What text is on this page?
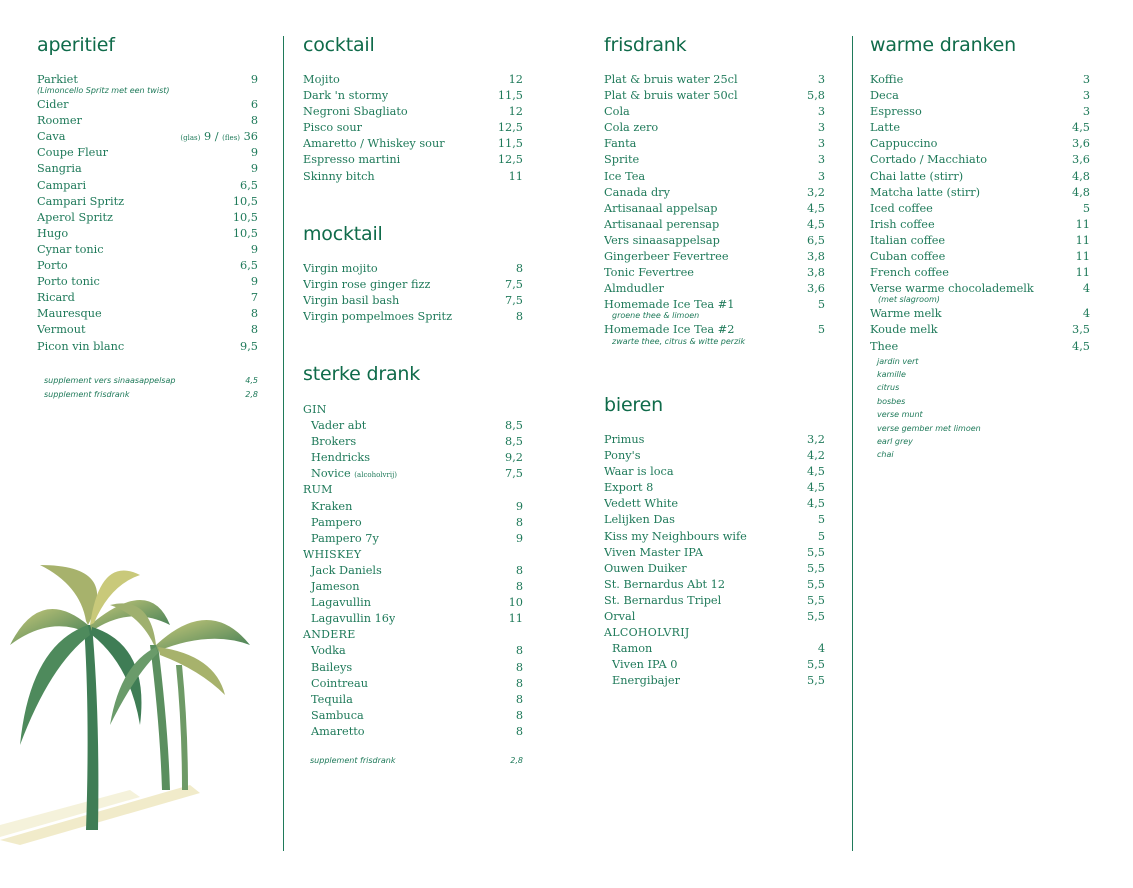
aperitief
Parkiet	9
(Limoncello Spritz met een twist)
Cider	6
Roomer	8
Cava	(glas) 9 / (fles) 36
Coupe Fleur	9
Sangria	9
Campari	6,5
Campari Spritz	10,5
Aperol Spritz	10,5
Hugo	10,5
Cynar tonic	9
Porto	6,5
Porto tonic	9
Ricard	7
Mauresque	8
Vermout	8
Picon vin blanc	9,5
supplement vers sinaasappelsap	4,5
supplement frisdrank	2,8
cocktail
Mojito	12
Dark 'n stormy	11,5
Negroni Sbagliato	12
Pisco sour	12,5
Amaretto / Whiskey sour	11,5
Espresso martini	12,5
Skinny bitch	11
mocktail
Virgin mojito	8
Virgin rose ginger fizz	7,5
Virgin basil bash	7,5
Virgin pompelmoes Spritz	8
sterke drank
GIN
Vader abt	8,5
Brokers	8,5
Hendricks	9,2
Novice (alcoholvrij)	7,5
RUM
Kraken	9
Pampero	8
Pampero 7y	9
WHISKEY
Jack Daniels	8
Jameson	8
Lagavullin	10
Lagavullin 16y	11
ANDERE
Vodka	8
Baileys	8
Cointreau	8
Tequila	8
Sambuca	8
Amaretto	8
supplement frisdrank	2,8
frisdrank
Plat & bruis water 25cl	3
Plat & bruis water 50cl	5,8
Cola	3
Cola zero	3
Fanta	3
Sprite	3
Ice Tea	3
Canada dry	3,2
Artisanaal appelsap	4,5
Artisanaal perensap	4,5
Vers sinaasappelsap	6,5
Gingerbeer Fevertree	3,8
Tonic Fevertree	3,8
Almdudler	3,6
Homemade Ice Tea #1	5
groene thee & limoen
Homemade Ice Tea #2	5
zwarte thee, citrus & witte perzik
bieren
Primus	3,2
Pony's	4,2
Waar is loca	4,5
Export 8	4,5
Vedett White	4,5
Lelijken Das	5
Kiss my Neighbours wife	5
Viven Master IPA	5,5
Ouwen Duiker	5,5
St. Bernardus Abt 12	5,5
St. Bernardus Tripel	5,5
Orval	5,5
ALCOHOLVRIJ
Ramon	4
Viven IPA 0	5,5
Energibajer	5,5
warme dranken
Koffie	3
Deca	3
Espresso	3
Latte	4,5
Cappuccino	3,6
Cortado / Macchiato	3,6
Chai latte (stirr)	4,8
Matcha latte (stirr)	4,8
Iced coffee	5
Irish coffee	11
Italian coffee	11
Cuban coffee	11
French coffee	11
Verse warme chocolademelk	4
(met slagroom)
Warme melk	4
Koude melk	3,5
Thee	4,5
jardin vert
kamille
citrus
bosbes
verse munt
verse gember met limoen
earl grey
chai
